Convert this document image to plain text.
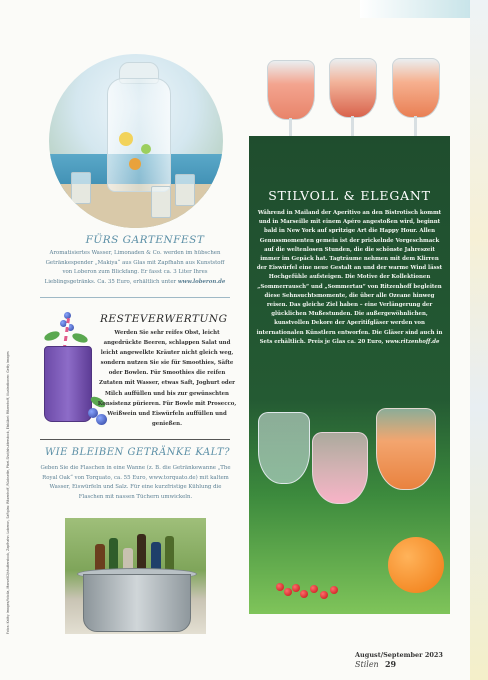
Fotos: Kathy Images/fotolia, Marsel82/shutterstock, Zapfhahn: Loberon, Saftglas: Ritzenhoff, Rückseite, Pixel-Shot/shutterstock, Eiskübel: Ritzenhoff, Illustrationen: Getty Images
FÜRS GARTENFEST
Aromatisiertes Wasser, Limonaden & Co. werden im hübschen Getränkespender „Makiya“ aus Glas mit Zapfhahn aus Kunststoff von Loberon zum Blickfang. Er fasst ca. 3 Liter Ihres Lieblingsgetränks. Ca. 35 Euro, erhältlich unter www.loberon.de
RESTEVERWERTUNG
Werden Sie sehr reifes Obst, leicht angedrückte Beeren, schlappen Salat und leicht angewelkte Kräuter nicht gleich weg, sondern nutzen Sie sie für Smoothies, Säfte oder Bowlen. Für Smoothies die reifen Zutaten mit Wasser, etwas Saft, Joghurt oder Milch auffüllen und bis zur gewünschten Konsistenz pürieren. Für Bowle mit Prosecco, Weißwein und Eiswürfeln auffüllen und genießen.
WIE BLEIBEN GETRÄNKE KALT?
Geben Sie die Flaschen in eine Wanne (z. B. die Getränkewanne „The Royal Oak“ von Torquato, ca. 55 Euro, www.torquato.de) mit kaltem Wasser, Eiswürfeln und Salz. Für eine kurzfristige Kühlung die Flaschen mit nassen Tüchern umwickeln.
STILVOLL & ELEGANT
Während in Mailand der Aperitivo an den Bistrotisch kommt und in Marseille mit einem Apéro angestoßen wird, beginnt bald in New York auf spritzige Art die Happy Hour. Allen Genussmomenten gemein ist der prickelnde Vorgeschmack auf die weltenlosen Stunden, die die schönste Jahreszeit immer im Gepäck hat. Tagträume nehmen mit dem Klirren der Eiswürfel eine neue Gestalt an und der warme Wind lässt Hochgefühle aufsteigen. Die Motive der Kollektionen „Sommerrausch“ und „Sommertau“ von Ritzenhoff begleiten diese Sehnsuchtsmomente, die über alle Ozeane hinweg reisen. Das gleiche Ziel haben – eine Verlängerung der glücklichen Mußestunden. Die außergewöhnlichen, kunstvollen Dekore der Aperitifgläser werden von internationalen Künstlern entworfen. Die Gläser sind auch in Sets erhältlich. Preis je Glas ca. 20 Euro, www.ritzenhoff.de
August/September 2023 Stilen 29
